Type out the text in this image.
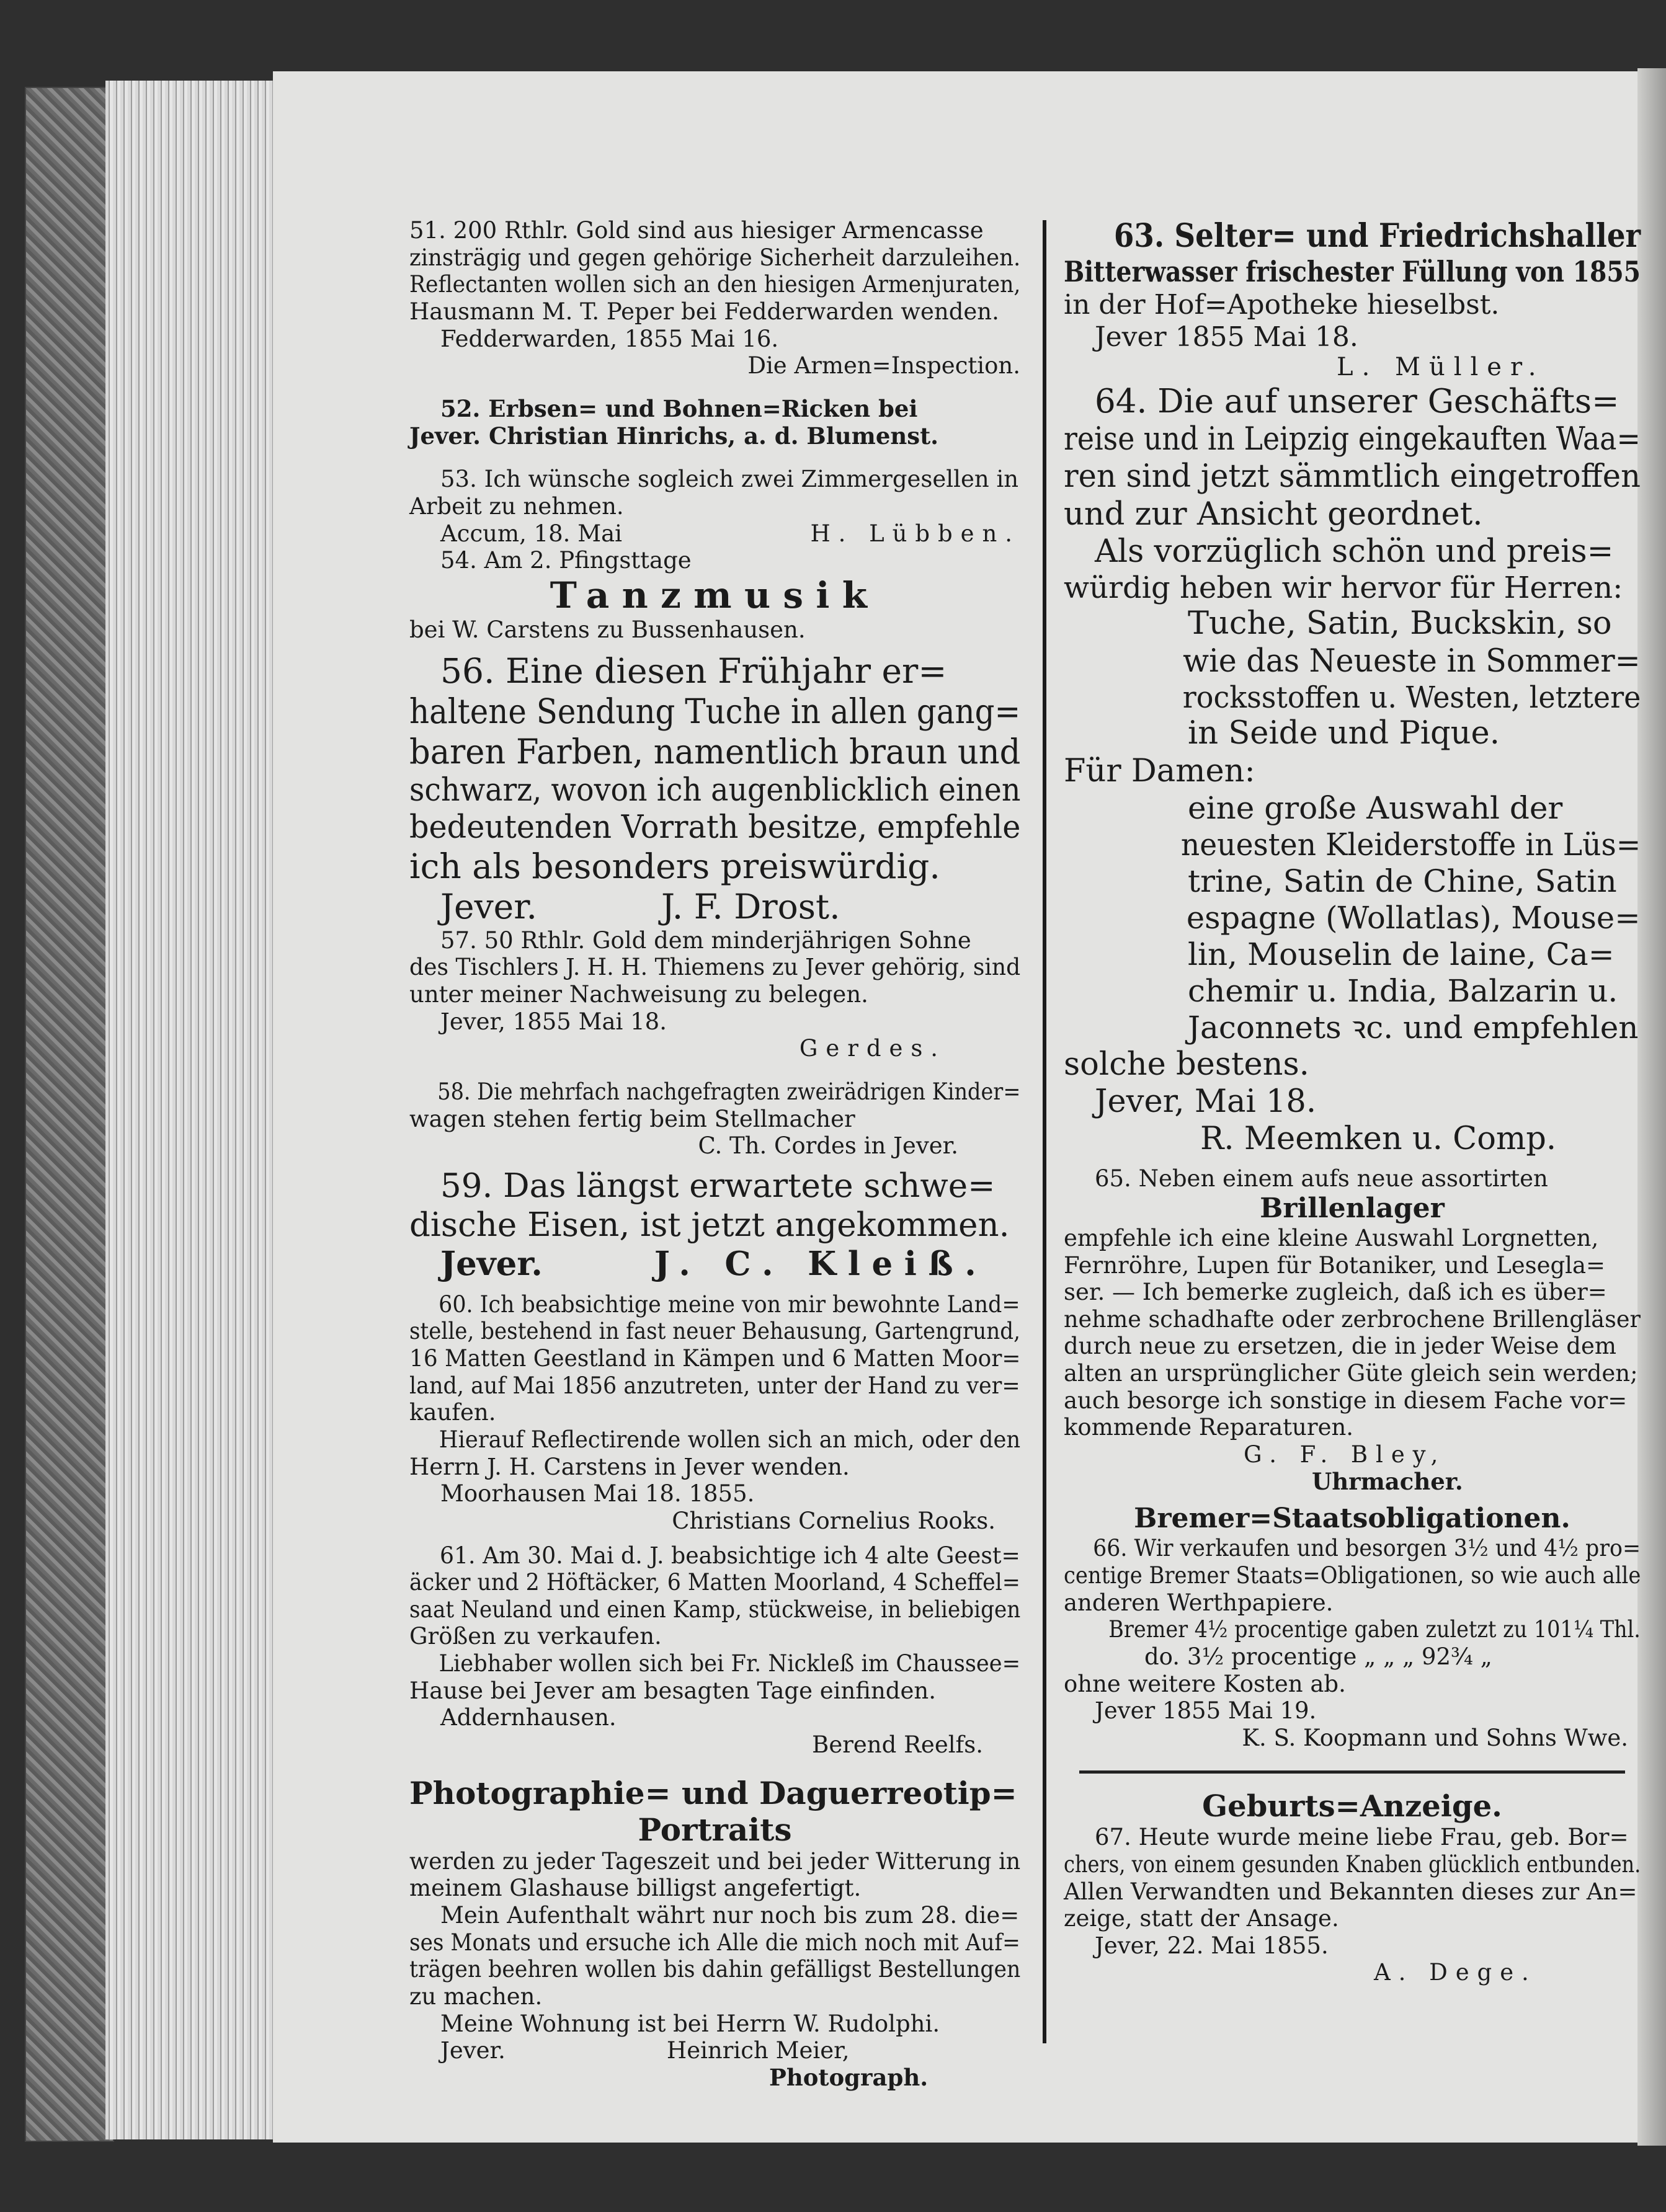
51. 200 Rthlr. Gold sind aus hiesiger Armencasse
zinsträgig und gegen gehörige Sicherheit darzuleihen.
Reflectanten wollen sich an den hiesigen Armenjuraten,
Hausmann M. T. Peper bei Fedderwarden wenden.
Fedderwarden, 1855 Mai 16.
Die Armen=Inspection.
52. Erbsen= und Bohnen=Ricken bei
Jever. Christian Hinrichs, a. d. Blumenst.
53. Ich wünsche sogleich zwei Zimmergesellen in
Arbeit zu nehmen.
Accum, 18. Mai	H. Lübben.
54. Am 2. Pfingsttage
Tanzmusik
bei W. Carstens zu Bussenhausen.
56. Eine diesen Frühjahr er=
haltene Sendung Tuche in allen gang=
baren Farben, namentlich braun und
schwarz, wovon ich augenblicklich einen
bedeutenden Vorrath besitze, empfehle
ich als besonders preiswürdig.
Jever.	J. F. Drost.
57. 50 Rthlr. Gold dem minderjährigen Sohne
des Tischlers J. H. H. Thiemens zu Jever gehörig, sind
unter meiner Nachweisung zu belegen.
Jever, 1855 Mai 18.
Gerdes.
58. Die mehrfach nachgefragten zweirädrigen Kinder=
wagen stehen fertig beim Stellmacher
C. Th. Cordes in Jever.
59. Das längst erwartete schwe=
dische Eisen, ist jetzt angekommen.
Jever.	J. C. Kleiß.
60. Ich beabsichtige meine von mir bewohnte Land=
stelle, bestehend in fast neuer Behausung, Gartengrund,
16 Matten Geestland in Kämpen und 6 Matten Moor=
land, auf Mai 1856 anzutreten, unter der Hand zu ver=
kaufen.
Hierauf Reflectirende wollen sich an mich, oder den
Herrn J. H. Carstens in Jever wenden.
Moorhausen Mai 18. 1855.
Christians Cornelius Rooks.
61. Am 30. Mai d. J. beabsichtige ich 4 alte Geest=
äcker und 2 Höftäcker, 6 Matten Moorland, 4 Scheffel=
saat Neuland und einen Kamp, stückweise, in beliebigen
Größen zu verkaufen.
Liebhaber wollen sich bei Fr. Nickleß im Chaussee=
Hause bei Jever am besagten Tage einfinden.
Addernhausen.
Berend Reelfs.
Photographie= und Daguerreotip=
Portraits
werden zu jeder Tageszeit und bei jeder Witterung in
meinem Glashause billigst angefertigt.
Mein Aufenthalt währt nur noch bis zum 28. die=
ses Monats und ersuche ich Alle die mich noch mit Auf=
trägen beehren wollen bis dahin gefälligst Bestellungen
zu machen.
Meine Wohnung ist bei Herrn W. Rudolphi.
Jever.	Heinrich Meier,
Photograph.
63. Selter= und Friedrichshaller
Bitterwasser frischester Füllung von 1855
in der Hof=Apotheke hieselbst.
Jever 1855 Mai 18.
L. Müller.
64. Die auf unserer Geschäfts=
reise und in Leipzig eingekauften Waa=
ren sind jetzt sämmtlich eingetroffen
und zur Ansicht geordnet.
Als vorzüglich schön und preis=
würdig heben wir hervor für Herren:
Tuche, Satin, Buckskin, so
wie das Neueste in Sommer=
rocksstoffen u. Westen, letztere
in Seide und Pique.
Für Damen:
eine große Auswahl der
neuesten Kleiderstoffe in Lüs=
trine, Satin de Chine, Satin
espagne (Wollatlas), Mouse=
lin, Mouselin de laine, Ca=
chemir u. India, Balzarin u.
Jaconnets ꝛc. und empfehlen
solche bestens.
Jever, Mai 18.
R. Meemken u. Comp.
65. Neben einem aufs neue assortirten
Brillenlager
empfehle ich eine kleine Auswahl Lorgnetten,
Fernröhre, Lupen für Botaniker, und Lesegla=
ser. — Ich bemerke zugleich, daß ich es über=
nehme schadhafte oder zerbrochene Brillengläser
durch neue zu ersetzen, die in jeder Weise dem
alten an ursprünglicher Güte gleich sein werden;
auch besorge ich sonstige in diesem Fache vor=
kommende Reparaturen.
G. F. Bley,
Uhrmacher.
Bremer=Staatsobligationen.
66. Wir verkaufen und besorgen 3½ und 4½ pro=
centige Bremer Staats=Obligationen, so wie auch alle
anderen Werthpapiere.
Bremer 4½ procentige gaben zuletzt zu 101¼ Thl.
do. 3½ procentige „ „ „ 92¾ „
ohne weitere Kosten ab.
Jever 1855 Mai 19.
K. S. Koopmann und Sohns Wwe.
Geburts=Anzeige.
67. Heute wurde meine liebe Frau, geb. Bor=
chers, von einem gesunden Knaben glücklich entbunden.
Allen Verwandten und Bekannten dieses zur An=
zeige, statt der Ansage.
Jever, 22. Mai 1855.
A. Dege.
